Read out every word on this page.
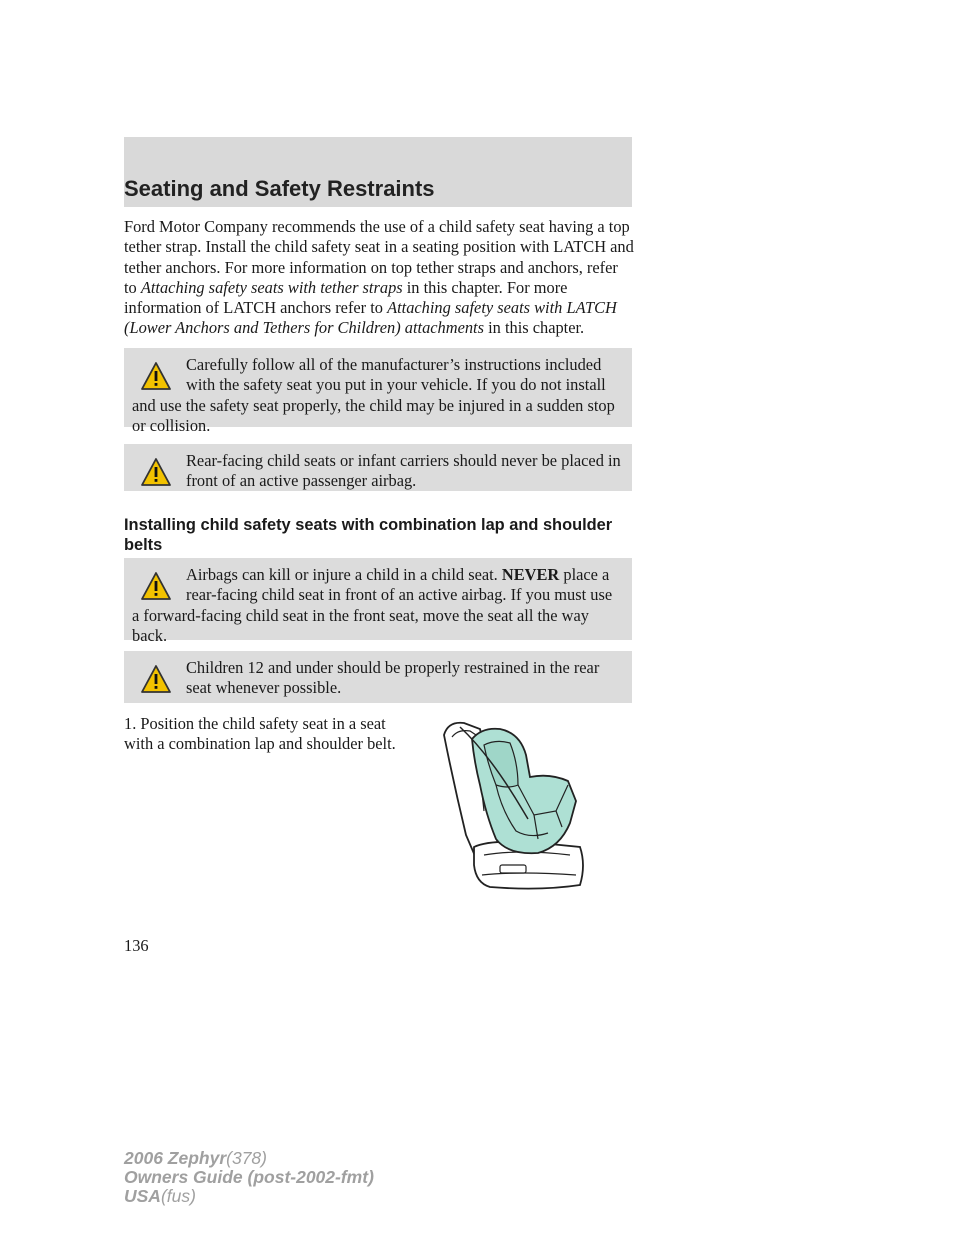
Seating and Safety Restraints
Ford Motor Company recommends the use of a child safety seat having a top tether strap. Install the child safety seat in a seating position with LATCH and tether anchors. For more information on top tether straps and anchors, refer to Attaching safety seats with tether straps in this chapter. For more information of LATCH anchors refer to Attaching safety seats with LATCH (Lower Anchors and Tethers for Children) attachments in this chapter.
Carefully follow all of the manufacturer’s instructions included with the safety seat you put in your vehicle. If you do not install and use the safety seat properly, the child may be injured in a sudden stop or collision.
Rear-facing child seats or infant carriers should never be placed in front of an active passenger airbag.
Installing child safety seats with combination lap and shoulder belts
Airbags can kill or injure a child in a child seat. NEVER place a rear-facing child seat in front of an active airbag. If you must use a forward-facing child seat in the front seat, move the seat all the way back.
Children 12 and under should be properly restrained in the rear seat whenever possible.
1. Position the child safety seat in a seat with a combination lap and shoulder belt.
136
2006 Zephyr(378)
Owners Guide (post-2002-fmt)
USA(fus)
